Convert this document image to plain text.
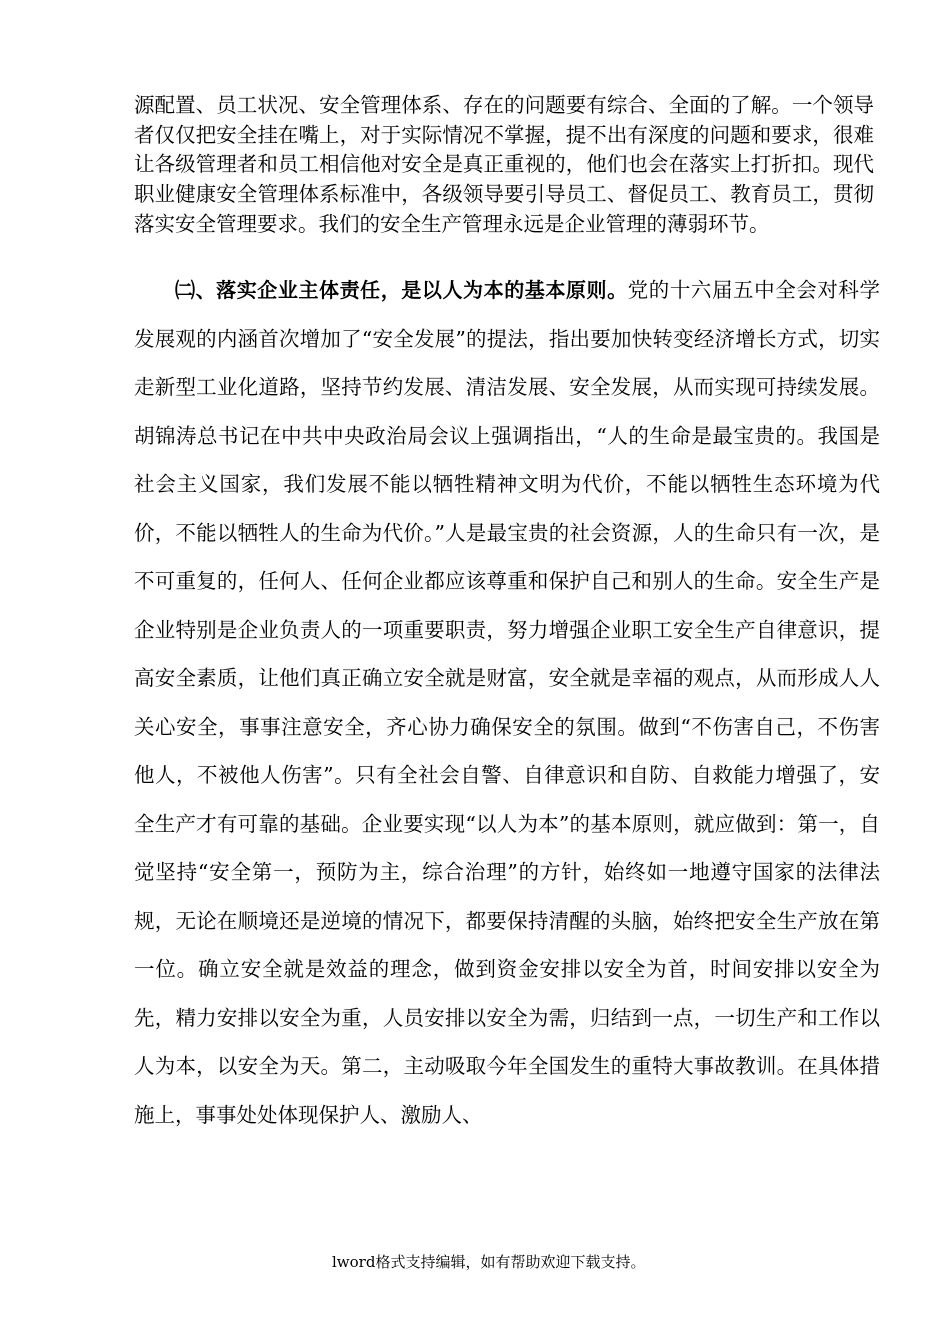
源配置、员工状况、安全管理体系、存在的问题要有综合、全面的了解。一个领导者仅仅把安全挂在嘴上，对于实际情况不掌握，提不出有深度的问题和要求，很难让各级管理者和员工相信他对安全是真正重视的，他们也会在落实上打折扣。现代职业健康安全管理体系标准中，各级领导要引导员工、督促员工、教育员工，贯彻落实安全管理要求。我们的安全生产管理永远是企业管理的薄弱环节。

㈡、落实企业主体责任，是以人为本的基本原则。党的十六届五中全会对科学发展观的内涵首次增加了“安全发展”的提法，指出要加快转变经济增长方式，切实走新型工业化道路，坚持节约发展、清洁发展、安全发展，从而实现可持续发展。胡锦涛总书记在中共中央政治局会议上强调指出，“人的生命是最宝贵的。我国是社会主义国家，我们发展不能以牺牲精神文明为代价，不能以牺牲生态环境为代价，不能以牺牲人的生命为代价。”人是最宝贵的社会资源，人的生命只有一次，是不可重复的，任何人、任何企业都应该尊重和保护自己和别人的生命。安全生产是企业特别是企业负责人的一项重要职责，努力增强企业职工安全生产自律意识，提高安全素质，让他们真正确立安全就是财富，安全就是幸福的观点，从而形成人人关心安全，事事注意安全，齐心协力确保安全的氛围。做到“不伤害自己，不伤害他人，不被他人伤害”。只有全社会自警、自律意识和自防、自救能力增强了，安全生产才有可靠的基础。企业要实现“以人为本”的基本原则，就应做到：第一，自觉坚持“安全第一，预防为主，综合治理”的方针，始终如一地遵守国家的法律法规，无论在顺境还是逆境的情况下，都要保持清醒的头脑，始终把安全生产放在第一位。确立安全就是效益的理念，做到资金安排以安全为首，时间安排以安全为先，精力安排以安全为重，人员安排以安全为需，归结到一点，一切生产和工作以人为本，以安全为天。第二，主动吸取今年全国发生的重特大事故教训。在具体措施上，事事处处体现保护人、激励人、

lword格式支持编辑，如有帮助欢迎下载支持。
